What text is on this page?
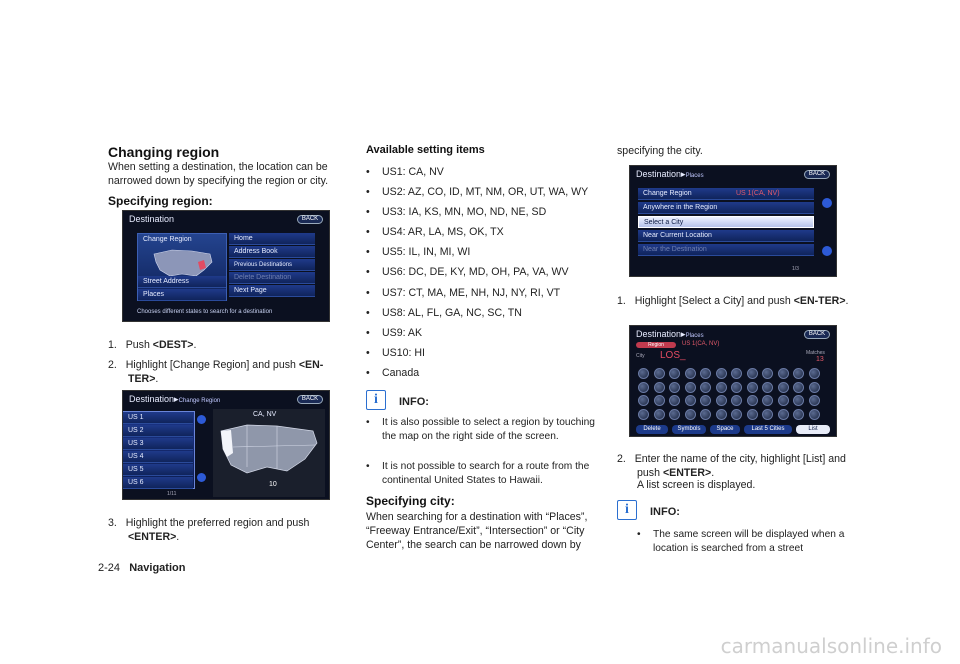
Changing region

When setting a destination, the location can be narrowed down by specifying the region or city.

Specifying region:
Destination	BACK
Change Region
Street Address
Places
Home
Address Book
Previous Destinations
Delete Destination
Next Page
Chooses different states to search for a destination
1. Push <DEST>.
2. Highlight [Change Region] and push <EN-TER>.
Destination▸Change Region	BACK
US 1
US 2
US 3
US 4
US 5
US 6
1/11
CA, NV
10
3. Highlight the preferred region and push <ENTER>.
2-24 Navigation
Available setting items
•	US1: CA, NV
•	US2: AZ, CO, ID, MT, NM, OR, UT, WA, WY
•	US3: IA, KS, MN, MO, ND, NE, SD
•	US4: AR, LA, MS, OK, TX
•	US5: IL, IN, MI, WI
•	US6: DC, DE, KY, MD, OH, PA, VA, WV
•	US7: CT, MA, ME, NH, NJ, NY, RI, VT
•	US8: AL, FL, GA, NC, SC, TN
•	US9: AK
•	US10: HI
•	Canada
i	INFO:
•	It is also possible to select a region by touching the map on the right side of the screen.
•	It is not possible to search for a route from the continental United States to Hawaii.
Specifying city:

When searching for a destination with “Places”, “Freeway Entrance/Exit”, “Intersection” or “City Center”, the search can be narrowed down by

specifying the city.

Destination▸Places	BACK
Change Region	US 1(CA, NV)
Anywhere in the Region
Select a City
Near Current Location
Near the Destination
1/3
1. Highlight [Select a City] and push <EN-TER>.
Destination▸Places	BACK
Region	US 1(CA, NV)
City LOS_	Matches
13
Delete	Symbols	Space	Last 5 Cities	List
2. Enter the name of the city, highlight [List] and push <ENTER>.
A list screen is displayed.
i	INFO:
•	The same screen will be displayed when a location is searched from a street
carmanualsonline.info
